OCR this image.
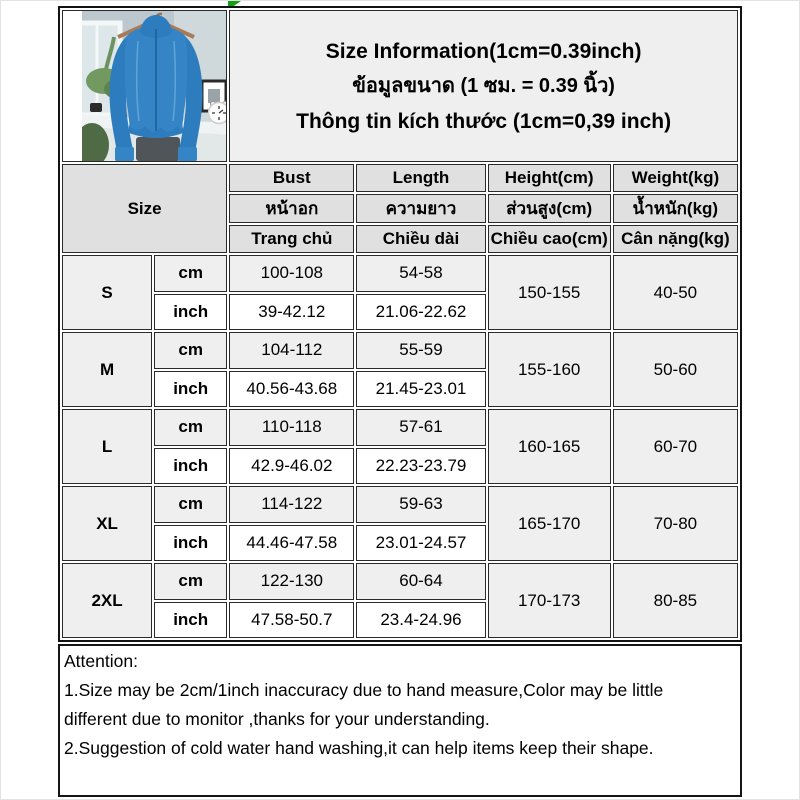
Size Information(1cm=0.39inch)
ข้อมูลขนาด (1 ซม. = 0.39 นิ้ว)
Thông tin kích thước (1cm=0,39 inch)			

Size		Bust	Length	Height(cm)	Weight(kg)
		หน้าอก	ความยาว	ส่วนสูง(cm)	น้ำหนัก(kg)
		Trang chủ	Chiều dài	Chiều cao(cm)	Cân nặng(kg)
S	cm	100-108	54-58	150-155	40-50
	inch	39-42.12	21.06-22.62		
M	cm	104-112	55-59	155-160	50-60
	inch	40.56-43.68	21.45-23.01		
L	cm	110-118	57-61	160-165	60-70
	inch	42.9-46.02	22.23-23.79		
XL	cm	114-122	59-63	165-170	70-80
	inch	44.46-47.58	23.01-24.57		
2XL	cm	122-130	60-64	170-173	80-85
	inch	47.58-50.7	23.4-24.96		
Attention:
1.Size may be 2cm/1inch inaccuracy due to hand measure,Color may be little
different due to monitor ,thanks for your understanding.
2.Suggestion of cold water hand washing,it can help items keep their shape.
